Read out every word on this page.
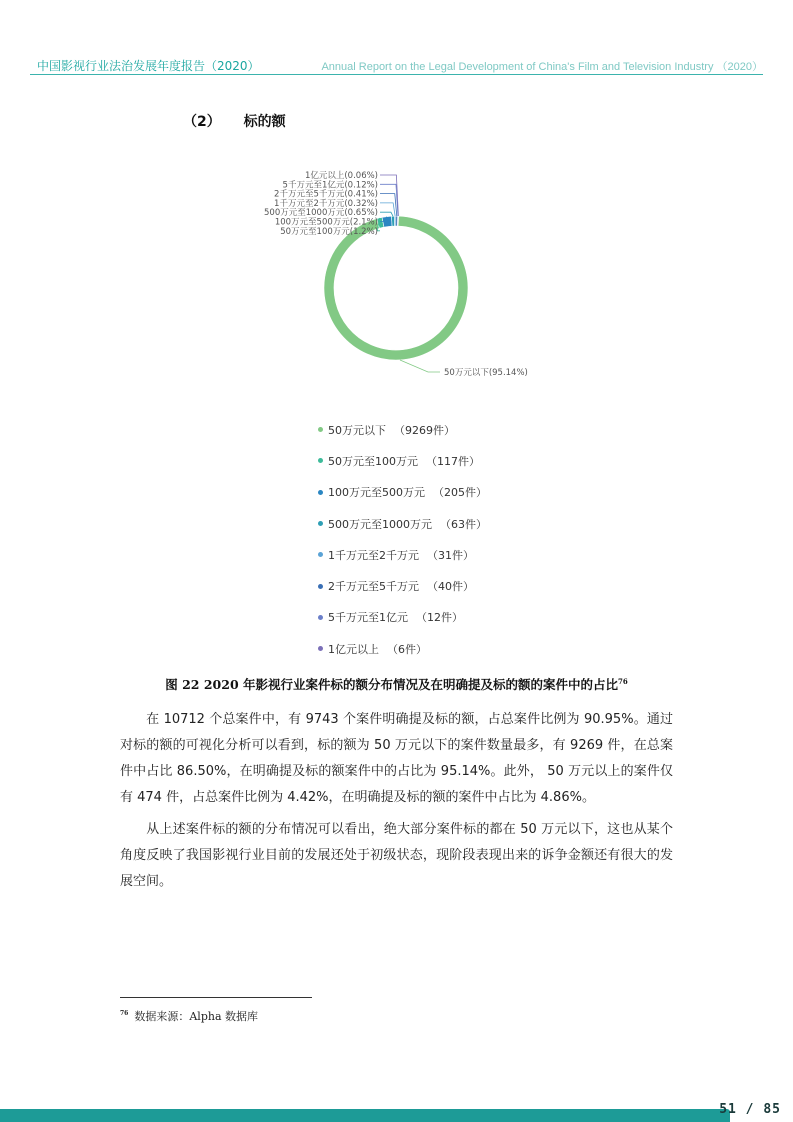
中国影视行业法治发展年度报告（2020）	Annual Report on the Legal Development of China's Film and Television Industry （2020）
（2） 标的额
50万元以下(95.14%)
1亿元以上(0.06%)
5千万元至1亿元(0.12%)
2千万元至5千万元(0.41%)
1千万元至2千万元(0.32%)
500万元至1000万元(0.65%)
100万元至500万元(2.1%)
50万元至100万元(1.2%)
50万元以下 （9269件）
50万元至100万元 （117件）
100万元至500万元 （205件）
500万元至1000万元 （63件）
1千万元至2千万元 （31件）
2千万元至5千万元 （40件）
5千万元至1亿元 （12件）
1亿元以上 （6件）
图 22 2020 年影视行业案件标的额分布情况及在明确提及标的额的案件中的占比$^{76}$

  在 10712 个总案件中，有 9743 个案件明确提及标的额，占总案件比例为 90.95%。通过对标的额的可视化分析可以看到，标的额为 50 万元以下的案件数量最多，有 9269 件，在总案件中占比 86.50%，在明确提及标的额案件中的占比为 95.14%。此外， 50 万元以上的案件仅有 474 件，占总案件比例为 4.42%，在明确提及标的额的案件中占比为 4.86%。

  从上述案件标的额的分布情况可以看出，绝大部分案件标的都在 50 万元以下，这也从某个角度反映了我国影视行业目前的发展还处于初级状态，现阶段表现出来的诉争金额还有很大的发展空间。

$^{76}$ 数据来源：Alpha 数据库
51 / 85
